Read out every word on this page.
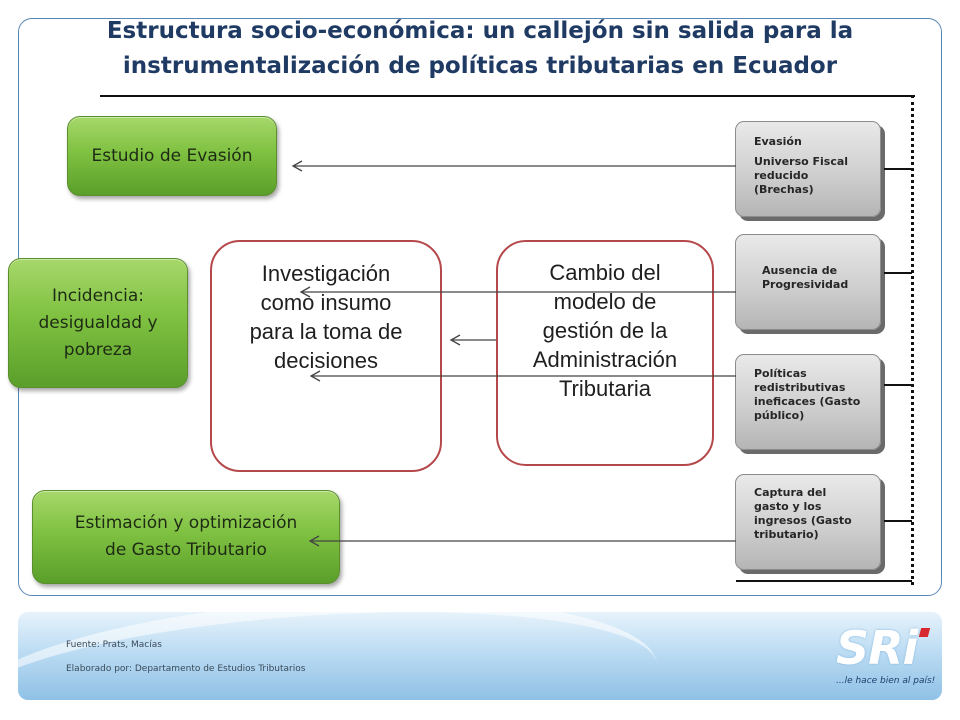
Estructura socio-económica: un callejón sin salida para la
instrumentalización de políticas tributarias en Ecuador
Estudio de Evasión
Incidencia:
desigualdad y
pobreza
Estimación y optimización
de Gasto Tributario
Investigación
como insumo
para la toma de
decisiones
Cambio del
modelo de
gestión de la
Administración
Tributaria
Evasión
Universo Fiscal
reducido
(Brechas)
Ausencia de
Progresividad
Políticas
redistributivas
ineficaces (Gasto
público)
Captura del
gasto y los
ingresos (Gasto
tributario)
Fuente: Prats, Macías
Elaborado por: Departamento de Estudios Tributarios	SRi
...le hace bien al país!
